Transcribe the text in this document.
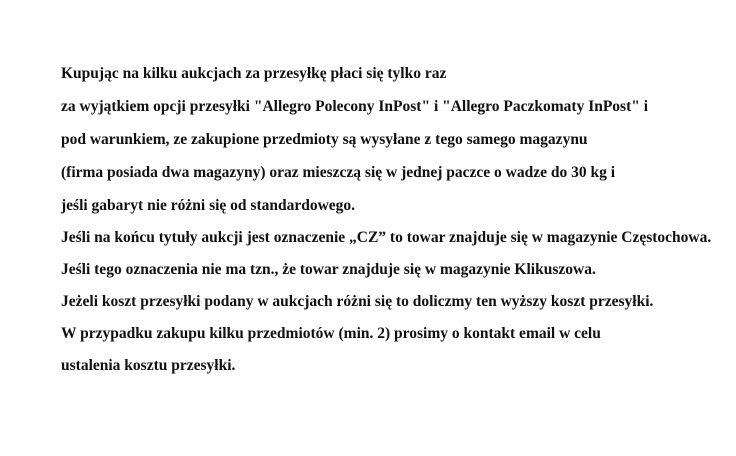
Kupując na kilku aukcjach za przesyłkę płaci się tylko raz
za wyjątkiem opcji przesyłki "Allegro Polecony InPost" i "Allegro Paczkomaty InPost" i
pod warunkiem, ze zakupione przedmioty są wysyłane z tego samego magazynu
(firma posiada dwa magazyny) oraz mieszczą się w jednej paczce o wadze do 30 kg i
jeśli gabaryt nie różni się od standardowego.
Jeśli na końcu tytuły aukcji jest oznaczenie „CZ” to towar znajduje się w magazynie Częstochowa.
Jeśli tego oznaczenia nie ma tzn., że towar znajduje się w magazynie Klikuszowa.
Jeżeli koszt przesyłki podany w aukcjach różni się to doliczmy ten wyższy koszt przesyłki.
W przypadku zakupu kilku przedmiotów (min. 2) prosimy o kontakt email w celu
ustalenia kosztu przesyłki.
